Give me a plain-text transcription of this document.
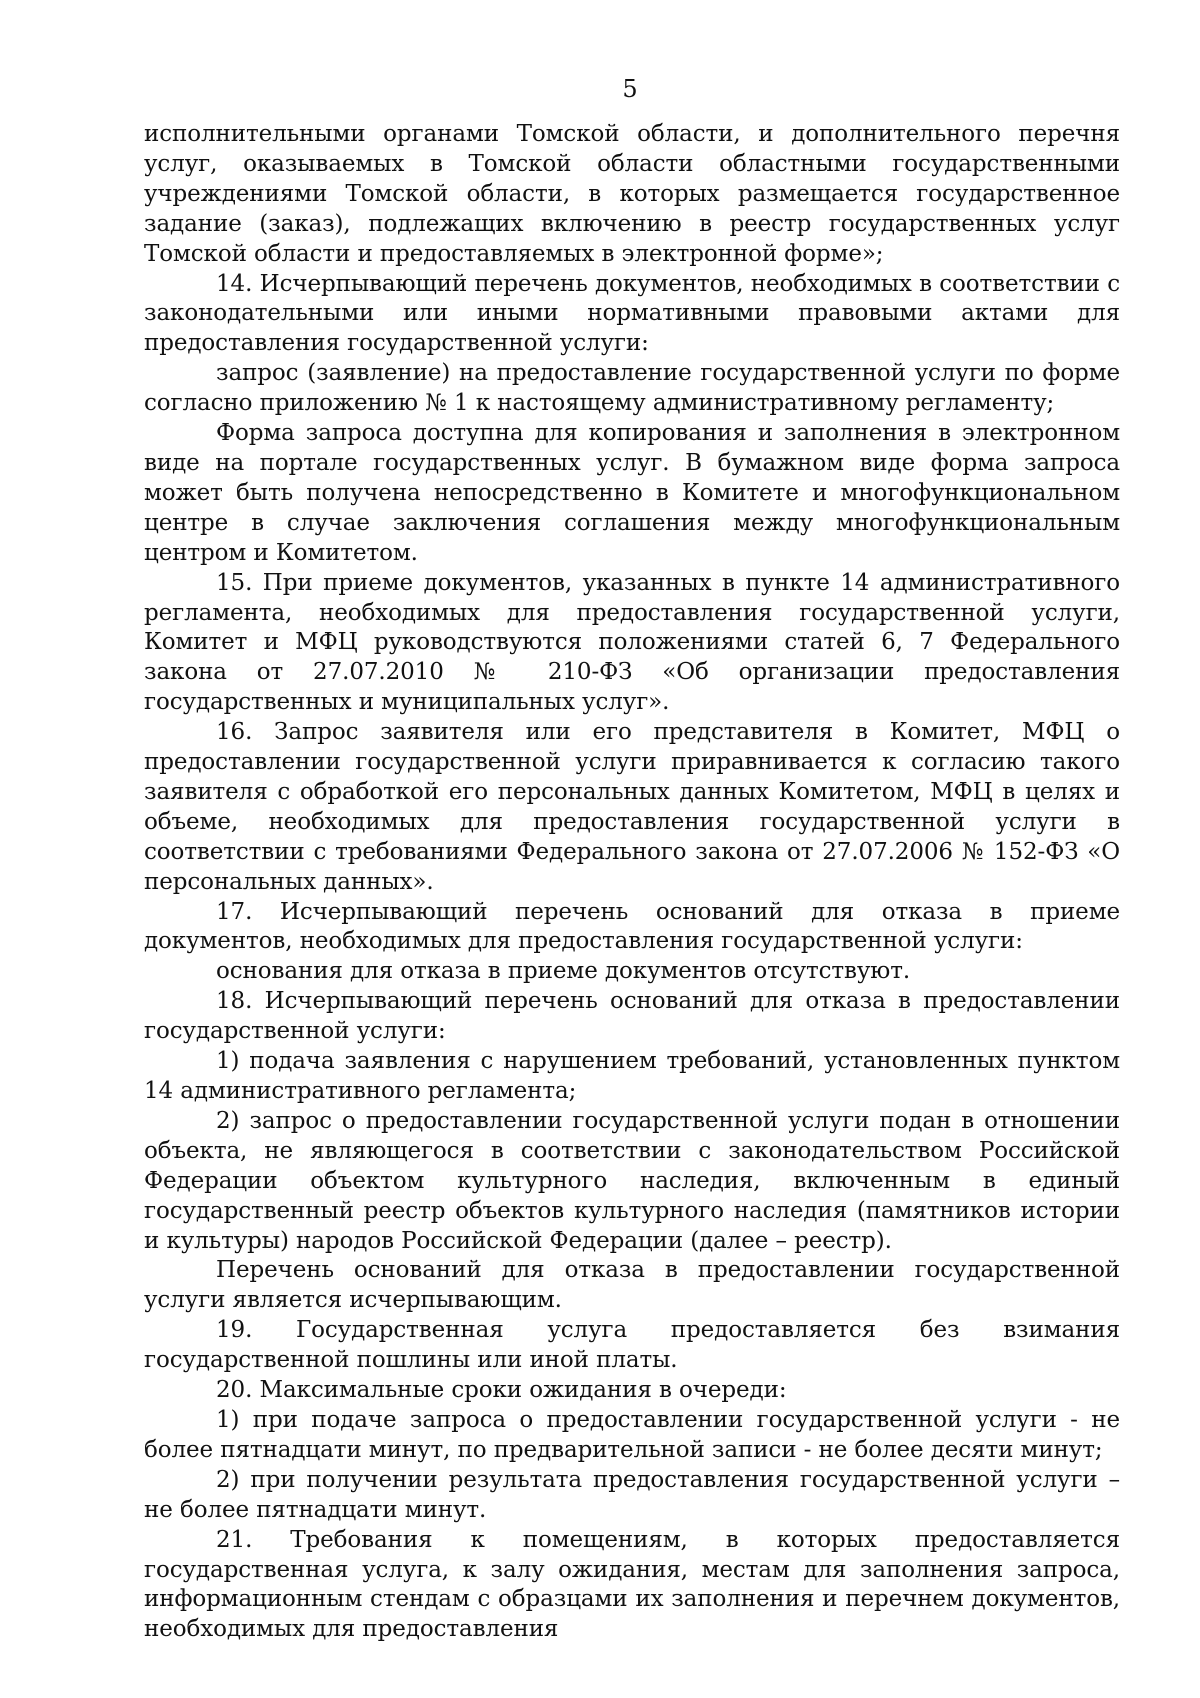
5

исполнительными органами Томской области, и дополнительного перечня услуг, оказываемых в Томской области областными государственными учреждениями Томской области, в которых размещается государственное задание (заказ), подлежащих включению в реестр государственных услуг Томской области и предоставляемых в электронной форме»;

14. Исчерпывающий перечень документов, необходимых в соответствии с законодательными или иными нормативными правовыми актами для предоставления государственной услуги:

запрос (заявление) на предоставление государственной услуги по форме согласно приложению № 1 к настоящему административному регламенту;

Форма запроса доступна для копирования и заполнения в электронном виде на портале государственных услуг. В бумажном виде форма запроса может быть получена непосредственно в Комитете и многофункциональном центре в случае заключения соглашения между многофункциональным центром и Комитетом.

15. При приеме документов, указанных в пункте 14 административного регламента, необходимых для предоставления государственной услуги, Комитет и МФЦ руководствуются положениями статей 6, 7 Федерального закона от 27.07.2010 № 210-ФЗ «Об организации предоставления государственных и муниципальных услуг».

16. Запрос заявителя или его представителя в Комитет, МФЦ о предоставлении государственной услуги приравнивается к согласию такого заявителя с обработкой его персональных данных Комитетом, МФЦ в целях и объеме, необходимых для предоставления государственной услуги в соответствии с требованиями Федерального закона от 27.07.2006 № 152-ФЗ «О персональных данных».

17. Исчерпывающий перечень оснований для отказа в приеме документов, необходимых для предоставления государственной услуги:

основания для отказа в приеме документов отсутствуют.

18. Исчерпывающий перечень оснований для отказа в предоставлении государственной услуги:

1) подача заявления с нарушением требований, установленных пунктом 14 административного регламента;

2) запрос о предоставлении государственной услуги подан в отношении объекта, не являющегося в соответствии с законодательством Российской Федерации объектом культурного наследия, включенным в единый государственный реестр объектов культурного наследия (памятников истории и культуры) народов Российской Федерации (далее – реестр).

Перечень оснований для отказа в предоставлении государственной услуги является исчерпывающим.

19. Государственная услуга предоставляется без взимания государственной пошлины или иной платы.

20. Максимальные сроки ожидания в очереди:

1) при подаче запроса о предоставлении государственной услуги - не более пятнадцати минут, по предварительной записи - не более десяти минут;

2) при получении результата предоставления государственной услуги – не более пятнадцати минут.

21. Требования к помещениям, в которых предоставляется государственная услуга, к залу ожидания, местам для заполнения запроса, информационным стендам с образцами их заполнения и перечнем документов, необходимых для предоставления
